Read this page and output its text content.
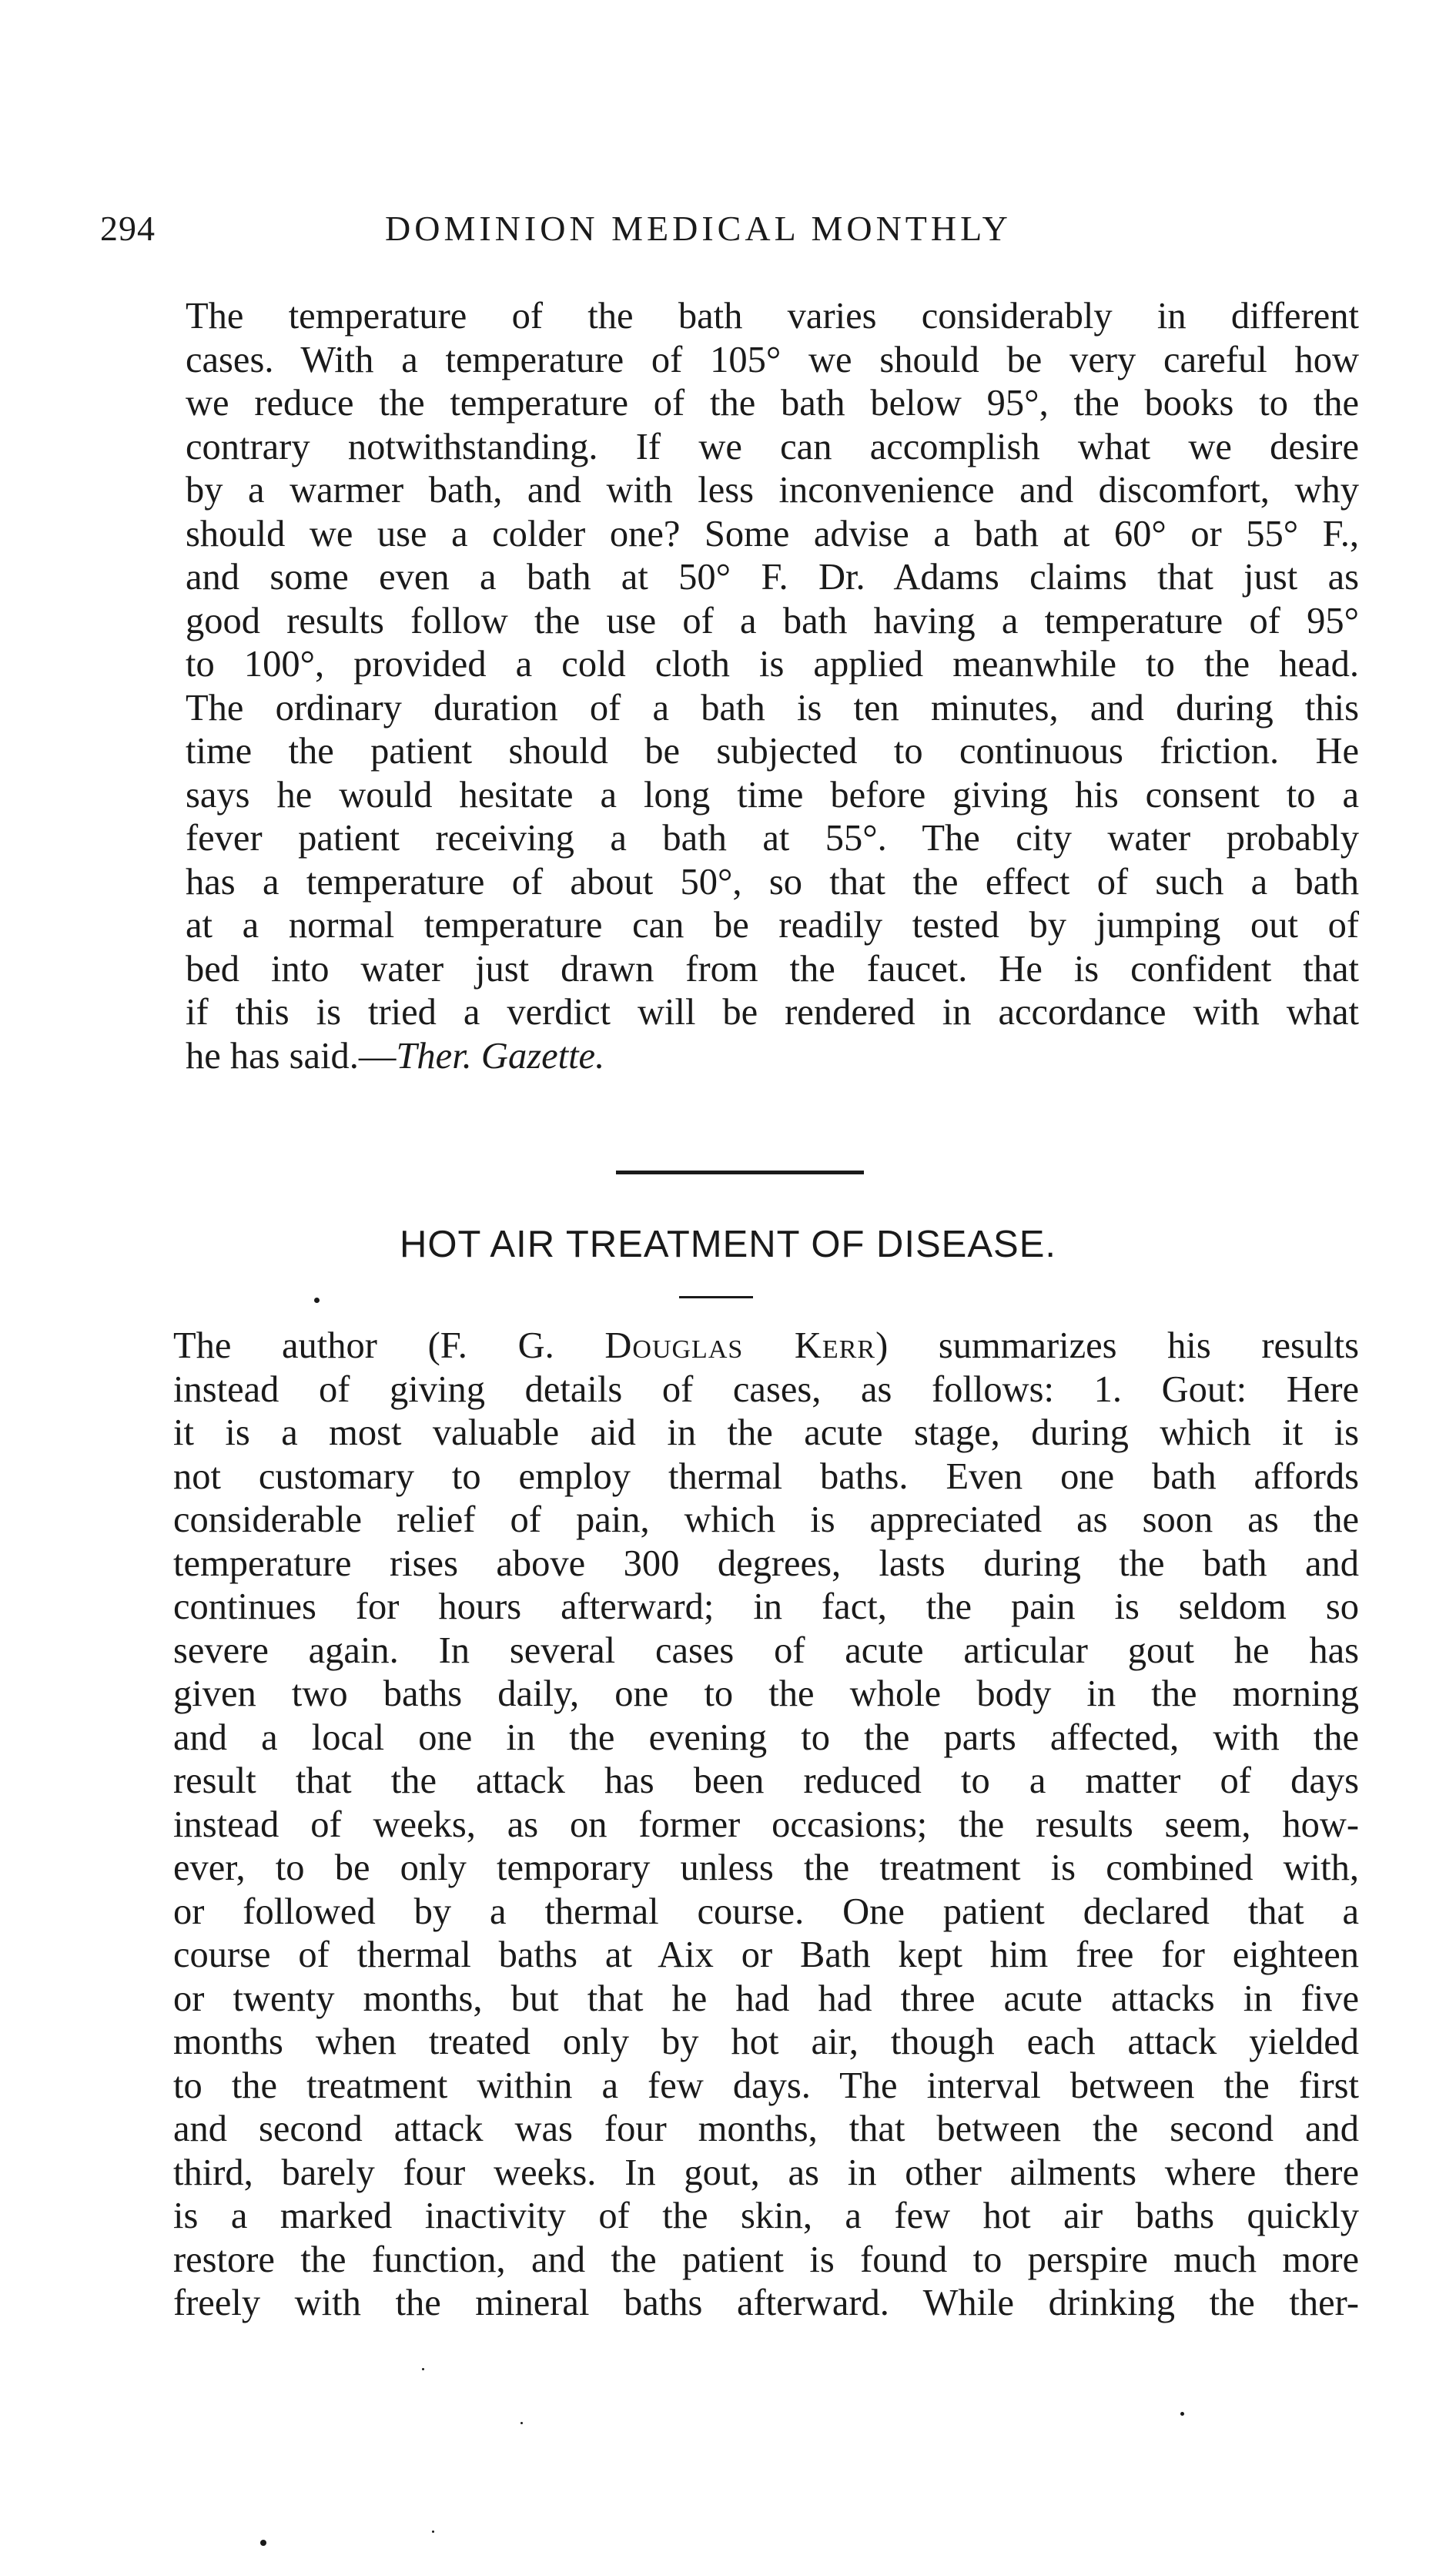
294	DOMINION MEDICAL MONTHLY
The temperature of the bath varies considerably in different
cases. With a temperature of 105° we should be very careful how
we reduce the temperature of the bath below 95°, the books to the
contrary notwithstanding. If we can accomplish what we desire
by a warmer bath, and with less inconvenience and discomfort, why
should we use a colder one? Some advise a bath at 60° or 55° F.,
and some even a bath at 50° F. Dr. Adams claims that just as
good results follow the use of a bath having a temperature of 95°
to 100°, provided a cold cloth is applied meanwhile to the head.
The ordinary duration of a bath is ten minutes, and during this
time the patient should be subjected to continuous friction. He
says he would hesitate a long time before giving his consent to a
fever patient receiving a bath at 55°. The city water probably
has a temperature of about 50°, so that the effect of such a bath
at a normal temperature can be readily tested by jumping out of
bed into water just drawn from the faucet. He is confident that
if this is tried a verdict will be rendered in accordance with what
he has said.—Ther. Gazette.
HOT AIR TREATMENT OF DISEASE.
The author (F. G. Douglas Kerr) summarizes his results
instead of giving details of cases, as follows: 1. Gout: Here
it is a most valuable aid in the acute stage, during which it is
not customary to employ thermal baths. Even one bath affords
considerable relief of pain, which is appreciated as soon as the
temperature rises above 300 degrees, lasts during the bath and
continues for hours afterward; in fact, the pain is seldom so
severe again. In several cases of acute articular gout he has
given two baths daily, one to the whole body in the morning
and a local one in the evening to the parts affected, with the
result that the attack has been reduced to a matter of days
instead of weeks, as on former occasions; the results seem, how-
ever, to be only temporary unless the treatment is combined with,
or followed by a thermal course. One patient declared that a
course of thermal baths at Aix or Bath kept him free for eighteen
or twenty months, but that he had had three acute attacks in five
months when treated only by hot air, though each attack yielded
to the treatment within a few days. The interval between the first
and second attack was four months, that between the second and
third, barely four weeks. In gout, as in other ailments where there
is a marked inactivity of the skin, a few hot air baths quickly
restore the function, and the patient is found to perspire much more
freely with the mineral baths afterward. While drinking the ther-
